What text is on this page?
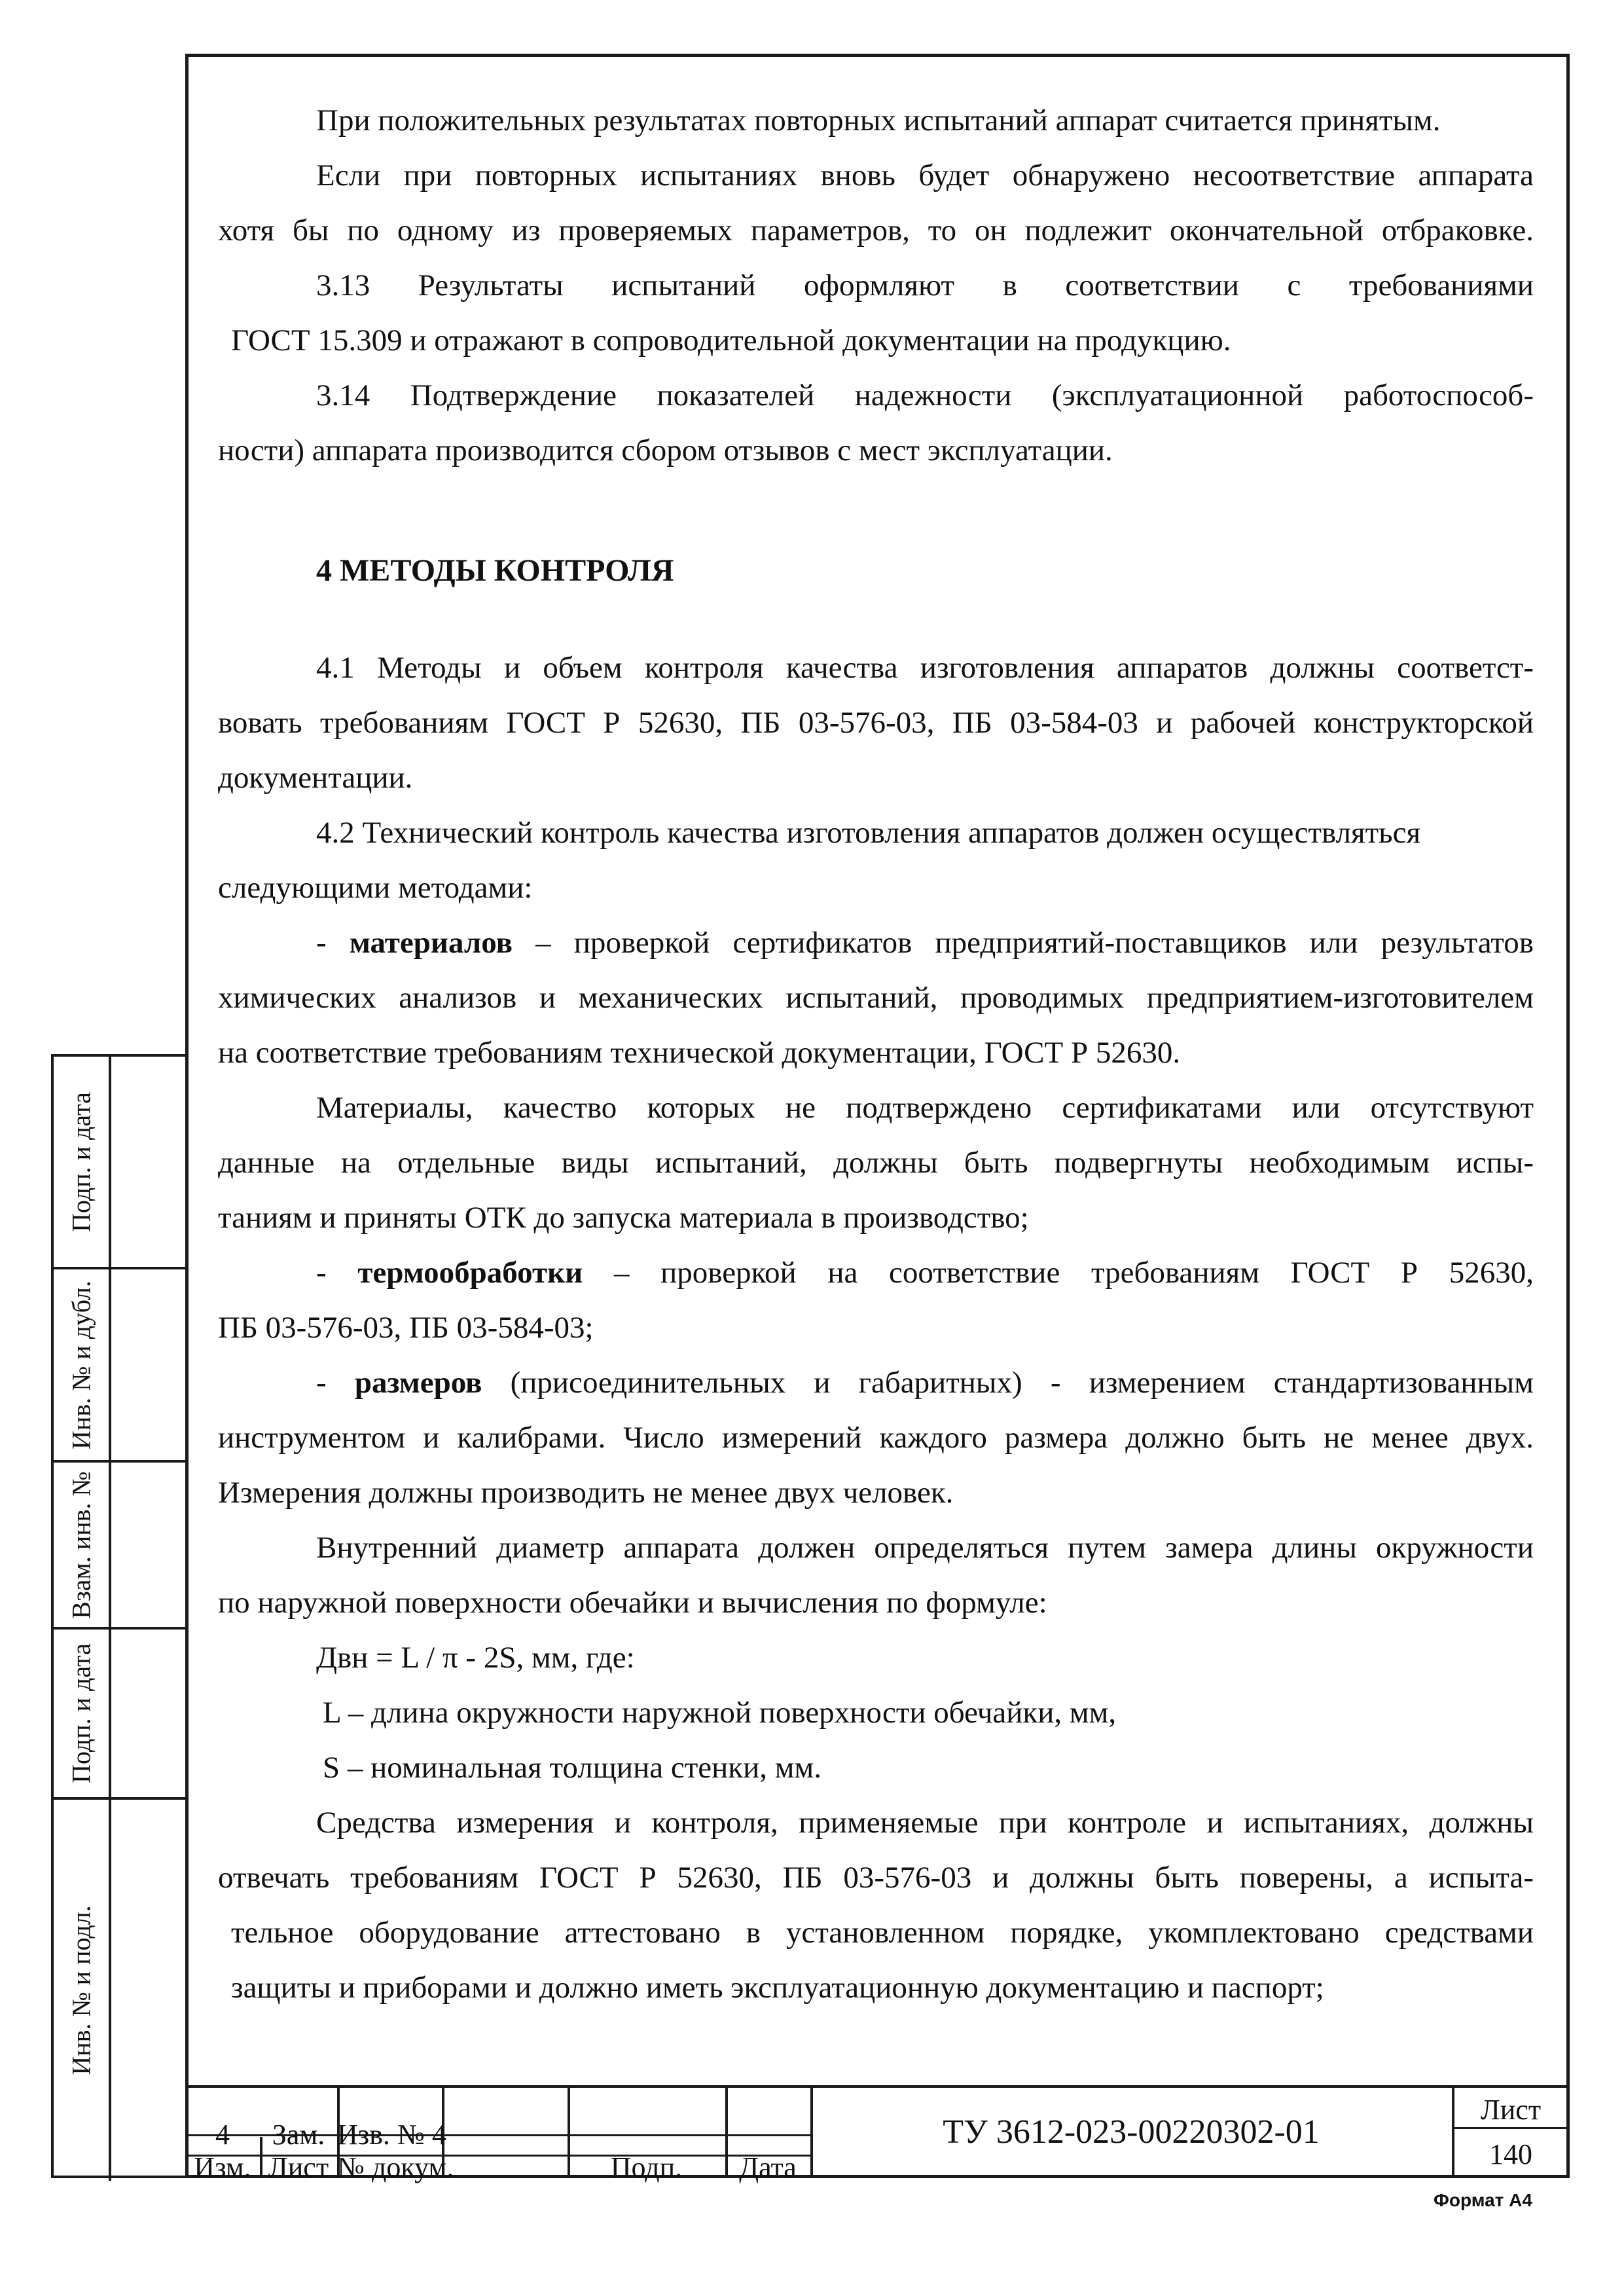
При положительных результатах повторных испытаний аппарат считается принятым.
Если при повторных испытаниях вновь будет обнаружено несоответствие аппарата
хотя бы по одному из проверяемых параметров, то он подлежит окончательной отбраковке.
3.13 Результаты испытаний оформляют в соответствии с требованиями
ГОСТ 15.309 и отражают в сопроводительной документации на продукцию.
3.14 Подтверждение показателей надежности (эксплуатационной работоспособ-
ности) аппарата производится сбором отзывов с мест эксплуатации.
4 МЕТОДЫ КОНТРОЛЯ
4.1 Методы и объем контроля качества изготовления аппаратов должны соответст-
вовать требованиям ГОСТ Р 52630, ПБ 03-576-03, ПБ 03-584-03 и рабочей конструкторской
документации.
4.2 Технический контроль качества изготовления аппаратов должен осуществляться
следующими методами:
- материалов – проверкой сертификатов предприятий-поставщиков или результатов
химических анализов и механических испытаний, проводимых предприятием-изготовителем
на соответствие требованиям технической документации, ГОСТ Р 52630.
Материалы, качество которых не подтверждено сертификатами или отсутствуют
данные на отдельные виды испытаний, должны быть подвергнуты необходимым испы-
таниям и приняты ОТК до запуска материала в производство;
- термообработки – проверкой на соответствие требованиям ГОСТ Р 52630,
ПБ 03-576-03, ПБ 03-584-03;
- размеров (присоединительных и габаритных) - измерением стандартизованным
инструментом и калибрами. Число измерений каждого размера должно быть не менее двух.
Измерения должны производить не менее двух человек.
Внутренний диаметр аппарата должен определяться путем замера длины окружности
по наружной поверхности обечайки и вычисления по формуле:
Двн = L / π - 2S, мм, где:
L – длина окружности наружной поверхности обечайки, мм,
S – номинальная толщина стенки, мм.
Средства измерения и контроля, применяемые при контроле и испытаниях, должны
отвечать требованиям ГОСТ Р 52630, ПБ 03-576-03 и должны быть поверены, а испыта-
тельное оборудование аттестовано в установленном порядке, укомплектовано средствами
защиты и приборами и должно иметь эксплуатационную документацию и паспорт;
Подп. и дата
Инв. № и дубл.
Взам. инв. №
Подп. и дата
Инв. № и подл.
4	Зам. Изв. № 4
Изм. Лист № докум.	Подп.	Дата
ТУ 3612-023-00220302-01
Лист
140
Формат А4
